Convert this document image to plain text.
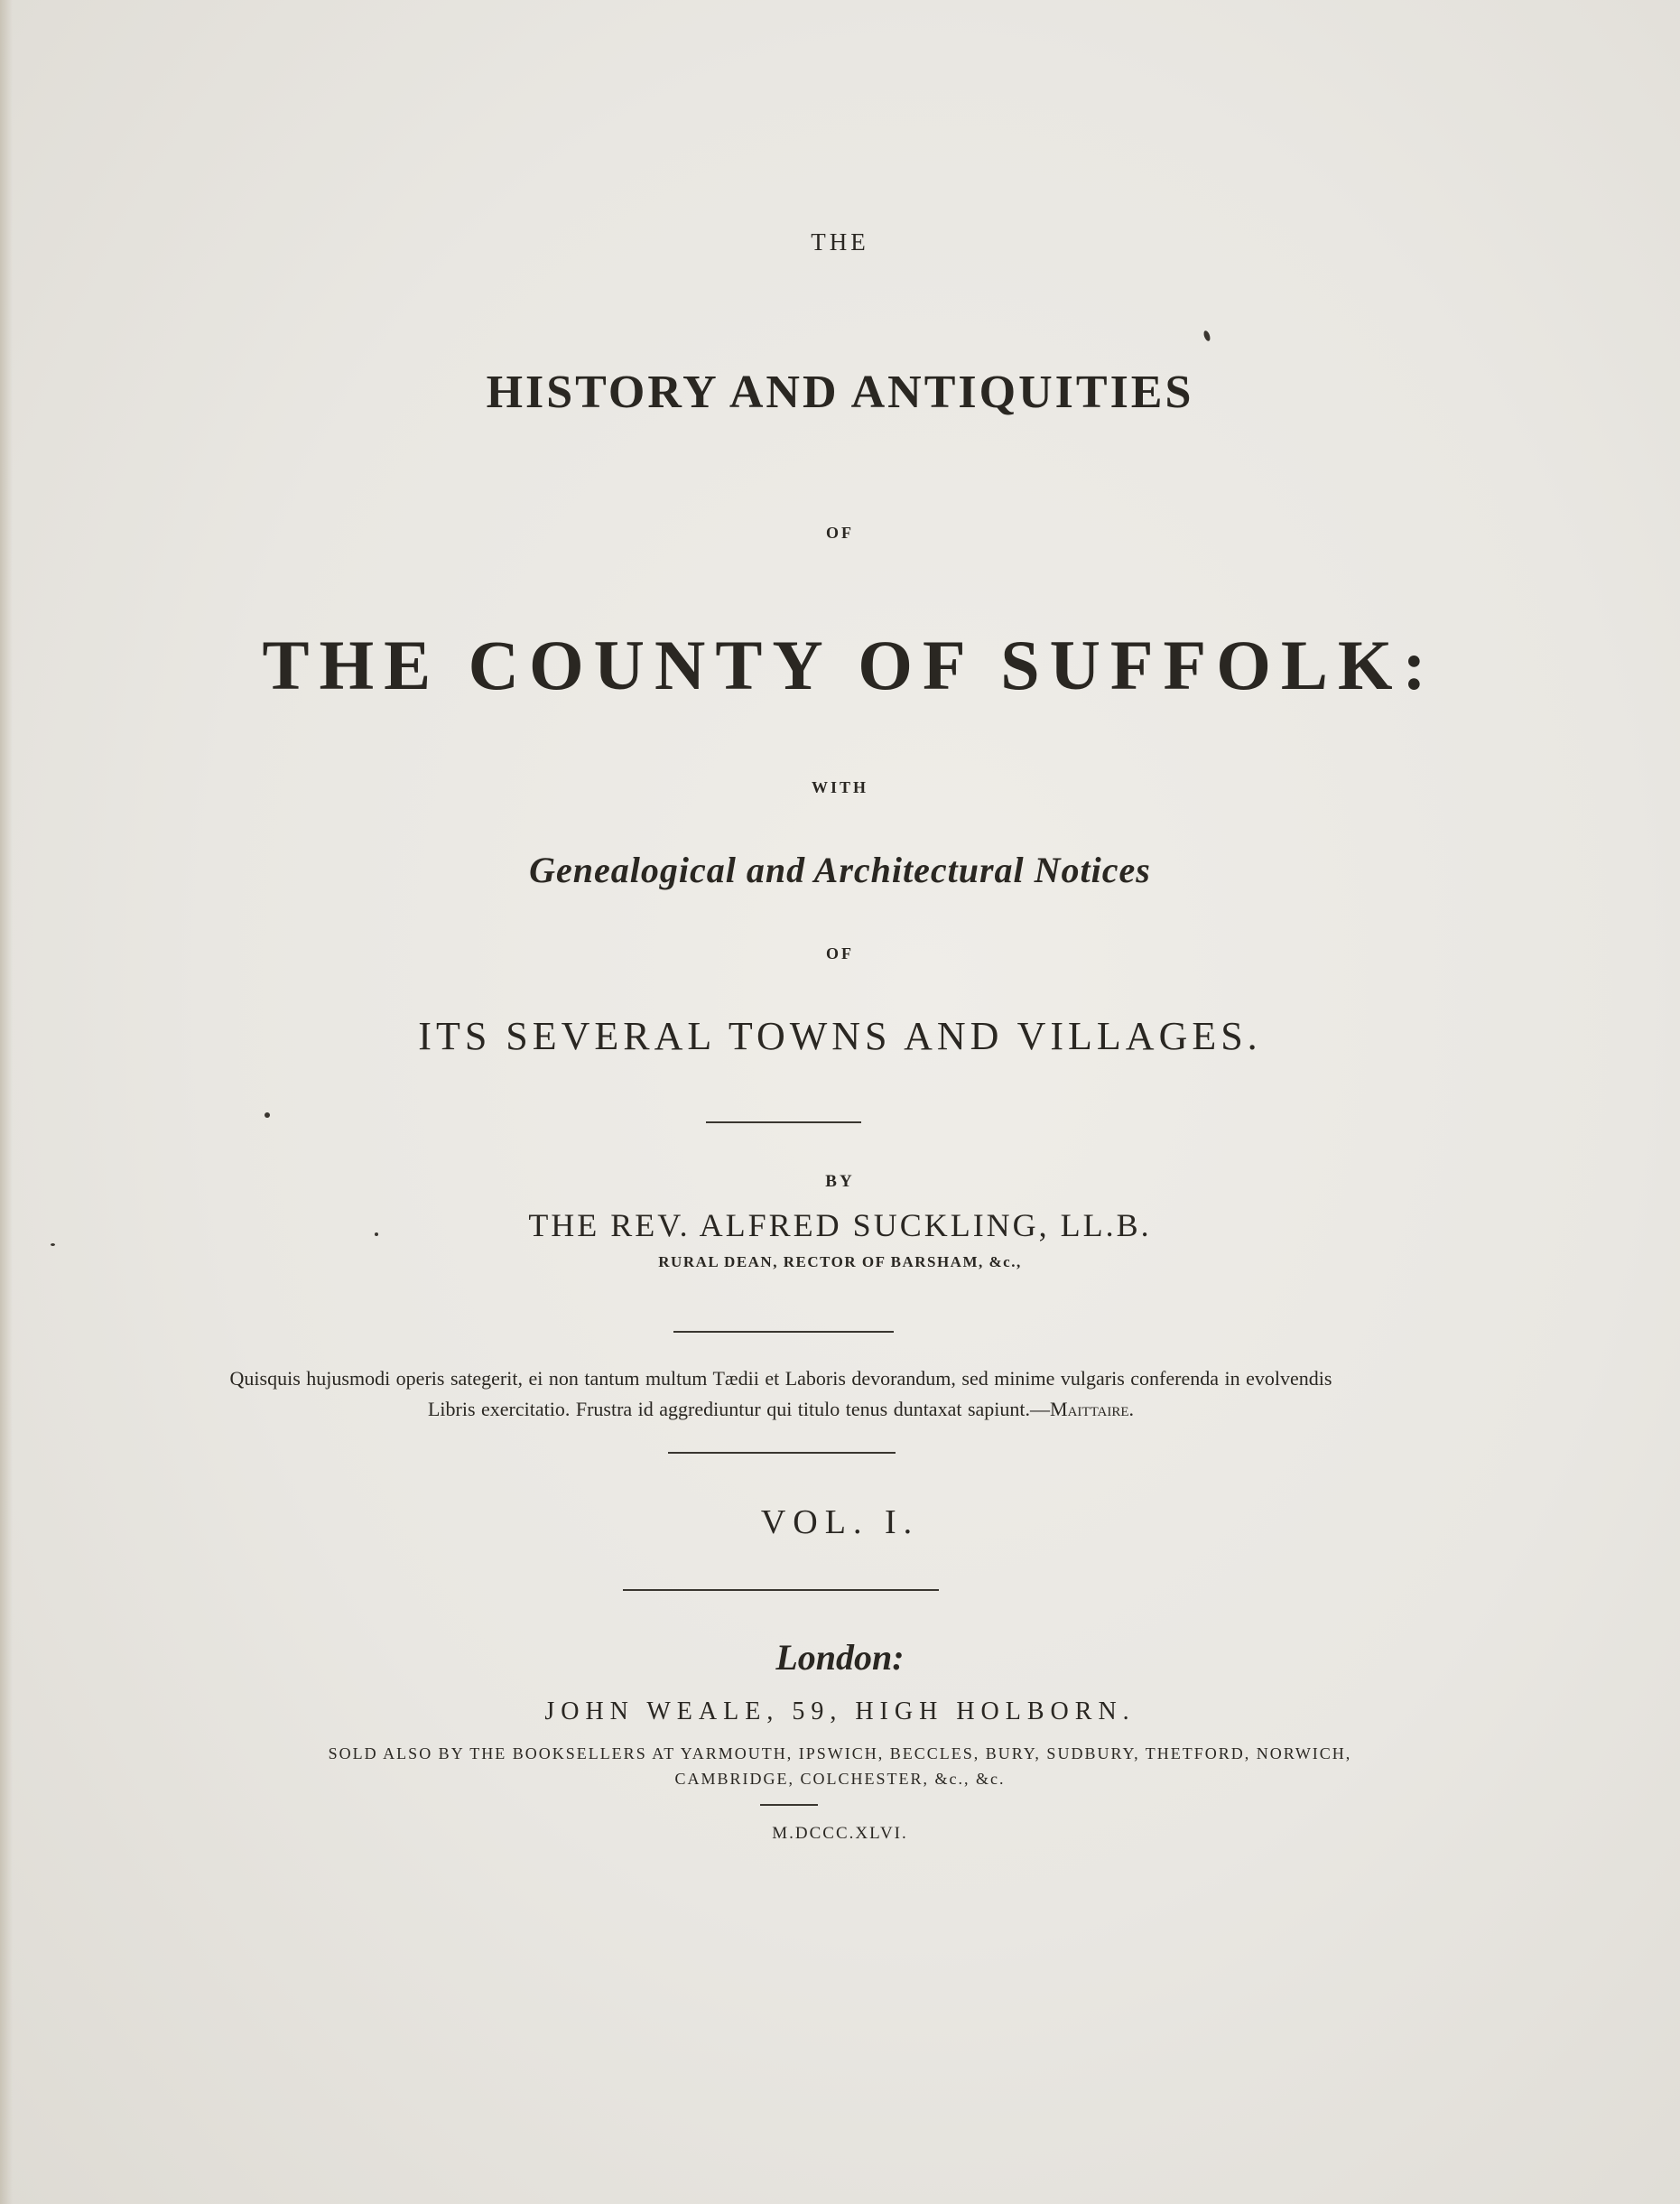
THE
HISTORY AND ANTIQUITIES
OF
THE COUNTY OF SUFFOLK:
WITH
Genealogical and Architectural Notices
OF
ITS SEVERAL TOWNS AND VILLAGES.
BY
THE REV. ALFRED SUCKLING, LL.B.
RURAL DEAN, RECTOR OF BARSHAM, &c.,
Quisquis hujusmodi operis sategerit, ei non tantum multum Tædii et Laboris devorandum, sed minime vulgaris conferenda in evolvendis Libris exercitatio. Frustra id aggrediuntur qui titulo tenus duntaxat sapiunt.—Maittaire.
VOL. I.
London:
JOHN WEALE, 59, HIGH HOLBORN.
SOLD ALSO BY THE BOOKSELLERS AT YARMOUTH, IPSWICH, BECCLES, BURY, SUDBURY, THETFORD, NORWICH,
CAMBRIDGE, COLCHESTER, &c., &c.
M.DCCC.XLVI.
